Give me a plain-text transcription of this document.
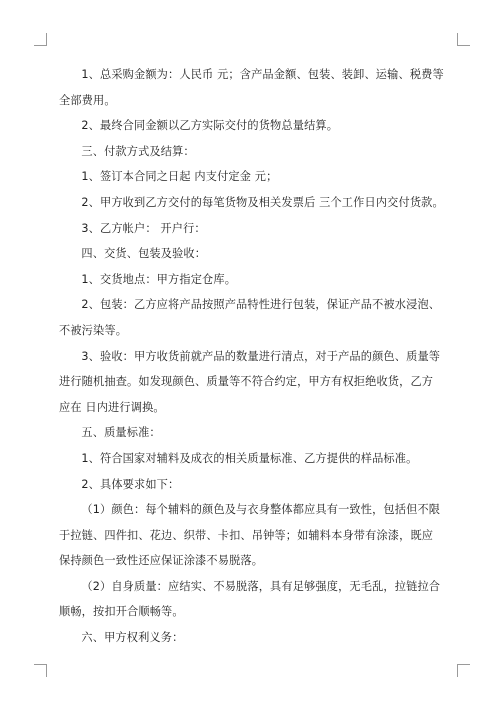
1、总采购金额为：人民币 元；含产品金额、包装、装卸、运输、税费等全部费用。

2、最终合同金额以乙方实际交付的货物总量结算。

三、付款方式及结算：

1、签订本合同之日起 内支付定金 元；

2、甲方收到乙方交付的每笔货物及相关发票后 三个工作日内交付货款。

3、乙方帐户： 开户行：

四、交货、包装及验收：

1、交货地点：甲方指定仓库。

2、包装：乙方应将产品按照产品特性进行包装，保证产品不被水浸泡、不被污染等。

3、验收：甲方收货前就产品的数量进行清点，对于产品的颜色、质量等进行随机抽查。如发现颜色、质量等不符合约定，甲方有权拒绝收货，乙方应在 日内进行调换。

五、质量标准：

1、符合国家对辅料及成衣的相关质量标准、乙方提供的样品标准。

2、具体要求如下：

（1）颜色：每个辅料的颜色及与衣身整体都应具有一致性，包括但不限于拉链、四件扣、花边、织带、卡扣、吊钟等；如辅料本身带有涂漆，既应保持颜色一致性还应保证涂漆不易脱落。

（2）自身质量：应结实、不易脱落，具有足够强度，无毛乱，拉链拉合顺畅，按扣开合顺畅等。

六、甲方权利义务：
